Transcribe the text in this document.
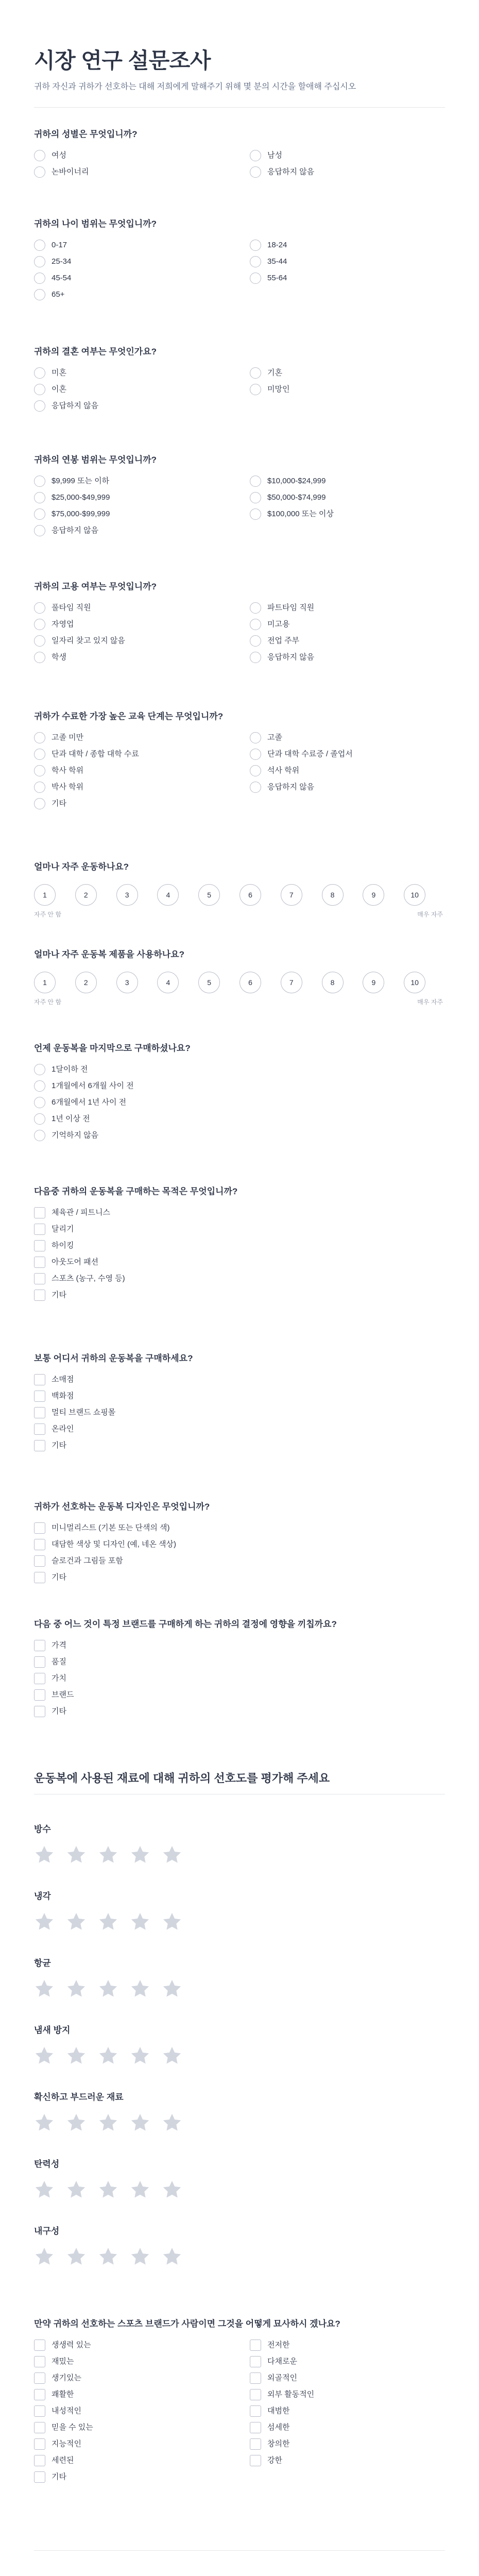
시장 연구 설문조사
귀하 자신과 귀하가 선호하는 대해 저희에게 말해주기 위해 몇 분의 시간을 할애해 주십시오
귀하의 성별은 무엇입니까?
여성	남성
논바이너리	응답하지 않음
귀하의 나이 범위는 무엇입니까?
0-17	18-24
25-34	35-44
45-54	55-64
65+
귀하의 결혼 여부는 무엇인가요?
미혼	기혼
이혼	미망인
응답하지 않음
귀하의 연봉 범위는 무엇입니까?
$9,999 또는 이하	$10,000-$24,999
$25,000-$49,999	$50,000-$74,999
$75,000-$99,999	$100,000 또는 이상
응답하지 않음
귀하의 고용 여부는 무엇입니까?
풀타임 직원	파트타임 직원
자영업	미고용
일자리 찾고 있지 않음	전업 주부
학생	응답하지 않음
귀하가 수료한 가장 높은 교육 단계는 무엇입니까?
고졸 미만	고졸
단과 대학 / 종합 대학 수료	단과 대학 수료증 / 졸업서
학사 학위	석사 학위
박사 학위	응답하지 않음
기타
얼마나 자주 운동하나요?
1	2	3	4	5	6	7	8	9	10
자주 안 함	매우 자주
얼마나 자주 운동복 제품을 사용하나요?
1	2	3	4	5	6	7	8	9	10
자주 안 함	매우 자주
언제 운동복을 마지막으로 구매하셨나요?
1달이하 전
1개월에서 6개월 사이 전
6개월에서 1년 사이 전
1년 이상 전
기억하지 않음
다음중 귀하의 운동복을 구매하는 목적은 무엇입니까?
체육관 / 피트니스
달리기
하이킹
아웃도어 패션
스포츠 (농구, 수영 등)
기타
보통 어디서 귀하의 운동복을 구매하세요?
소매점
백화점
멀티 브랜드 쇼핑몰
온라인
기타
귀하가 선호하는 운동복 디자인은 무엇입니까?
미니멀리스트 (기본 또는 단색의 색)
대담한 색상 및 디자인 (예, 네온 색상)
슬로건과 그림들 포함
기타
다음 중 어느 것이 특정 브랜드를 구매하게 하는 귀하의 결정에 영향을 끼칩까요?
가격
품질
가치
브랜드
기타
운동복에 사용된 재료에 대해 귀하의 선호도를 평가해 주세요
방수
냉각
항균
냄새 방지
확신하고 부드러운 재료
탄력성
내구성
만약 귀하의 선호하는 스포츠 브랜드가 사람이면 그것을 어떻게 묘사하시 겠나요?
생생력 있는	전저한
재밌는	다채로운
생기있는	외골적인
쾌활한	외부 활동적인
내성적인	대범한
믿을 수 있는	섬세한
지능적인	창의한
세련된	강한
기타
